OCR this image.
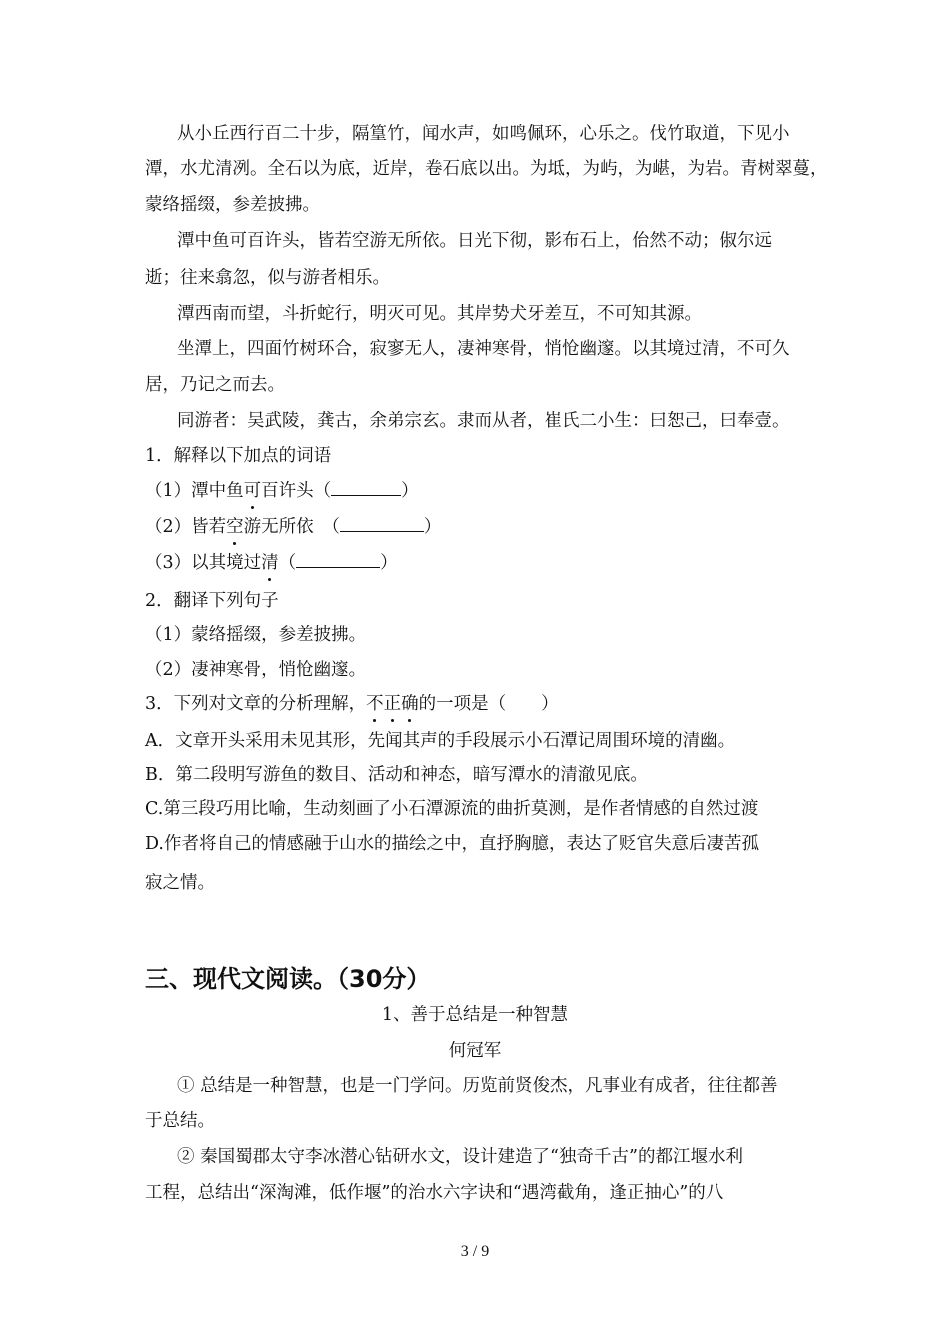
从小丘西行百二十步，隔篁竹，闻水声，如鸣佩环，心乐之。伐竹取道，下见小
潭，水尤清冽。全石以为底，近岸，卷石底以出。为坻，为屿，为嵁，为岩。青树翠蔓，
蒙络摇缀，参差披拂。
潭中鱼可百许头，皆若空游无所依。日光下彻，影布石上，佁然不动；俶尔远
逝；往来翕忽，似与游者相乐。
潭西南而望，斗折蛇行，明灭可见。其岸势犬牙差互，不可知其源。
坐潭上，四面竹树环合，寂寥无人，凄神寒骨，悄怆幽邃。以其境过清，不可久
居，乃记之而去。
同游者：吴武陵，龚古，余弟宗玄。隶而从者，崔氏二小生：曰恕己，曰奉壹。
1．解释以下加点的词语
（1）潭中鱼可百许头（	）
（2）皆若空游无所依　（	）
（3）以其境过清（	）
2．翻译下列句子
（1）蒙络摇缀，参差披拂。
（2）凄神寒骨，悄怆幽邃。
3．下列对文章的分析理解，不正确的一项是（　　）
A．文章开头采用未见其形，先闻其声的手段展示小石潭记周围环境的清幽。
B．第二段明写游鱼的数目、活动和神态，暗写潭水的清澈见底。
C.第三段巧用比喻，生动刻画了小石潭源流的曲折莫测，是作者情感的自然过渡
D.作者将自己的情感融于山水的描绘之中，直抒胸臆，表达了贬官失意后凄苦孤
寂之情。
三、现代文阅读。（30分）
1、善于总结是一种智慧
何冠军
① 总结是一种智慧，也是一门学问。历览前贤俊杰，凡事业有成者，往往都善
于总结。
② 秦国蜀郡太守李冰潜心钻研水文，设计建造了“独奇千古”的都江堰水利
工程，总结出“深淘滩，低作堰”的治水六字诀和“遇湾截角，逢正抽心”的八
3 / 9
